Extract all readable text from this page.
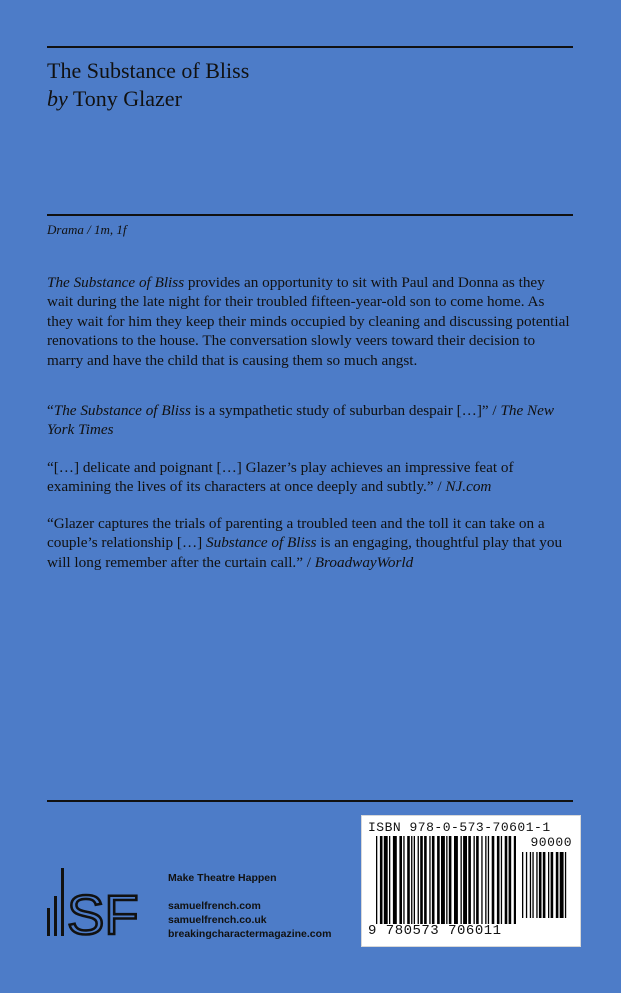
The Substance of Bliss
by Tony Glazer
Drama / 1m, 1f
The Substance of Bliss provides an opportunity to sit with Paul and Donna as they wait during the late night for their troubled fifteen-year-old son to come home. As they wait for him they keep their minds occupied by cleaning and discussing potential renovations to the house. The conversation slowly veers toward their decision to marry and have the child that is causing them so much angst.
“The Substance of Bliss is a sympathetic study of suburban despair […]” / The New York Times
“[…] delicate and poignant […] Glazer’s play achieves an impressive feat of examining the lives of its characters at once deeply and subtly.” / NJ.com
“Glazer captures the trials of parenting a troubled teen and the toll it can take on a couple’s relationship […] Substance of Bliss is an engaging, thoughtful play that you will long remember after the curtain call.” / BroadwayWorld
SF
Make Theatre Happen
samuelfrench.com
samuelfrench.co.uk
breakingcharactermagazine.com
ISBN 978-0-573-70601-1
90000
9 780573 706011
